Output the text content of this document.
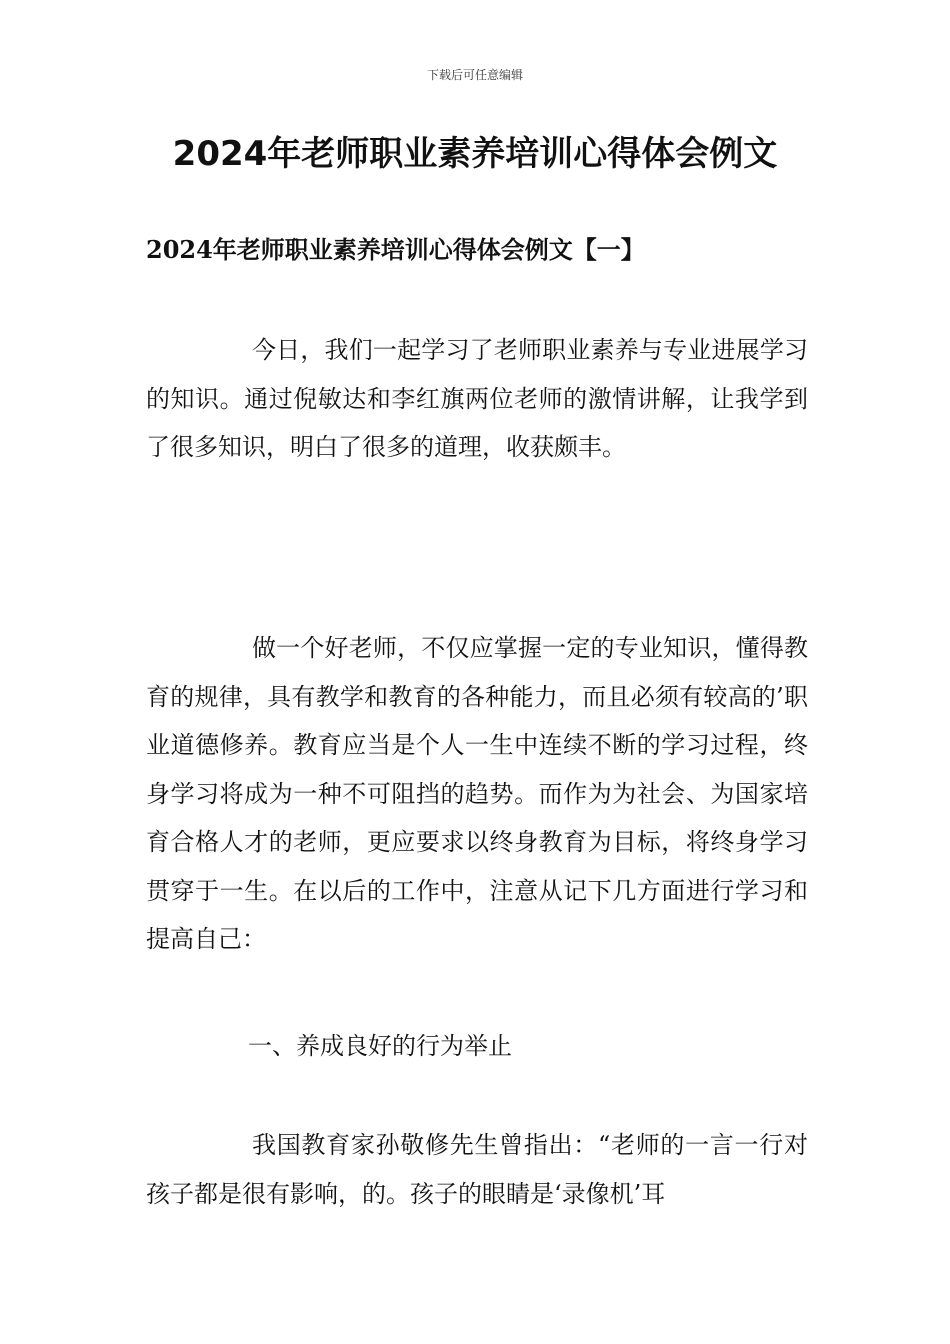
下载后可任意编辑
2024年老师职业素养培训心得体会例文
2024年老师职业素养培训心得体会例文【一】

今日，我们一起学习了老师职业素养与专业进展学习的知识。通过倪敏达和李红旗两位老师的激情讲解，让我学到了很多知识，明白了很多的道理，收获颇丰。

做一个好老师，不仅应掌握一定的专业知识，懂得教育的规律，具有教学和教育的各种能力，而且必须有较高的’职业道德修养。教育应当是个人一生中连续不断的学习过程，终身学习将成为一种不可阻挡的趋势。而作为为社会、为国家培育合格人才的老师，更应要求以终身教育为目标，将终身学习贯穿于一生。在以后的工作中，注意从记下几方面进行学习和提高自己：

一、养成良好的行为举止

我国教育家孙敬修先生曾指出：“老师的一言一行对孩子都是很有影响，的。孩子的眼睛是‘录像机’耳
